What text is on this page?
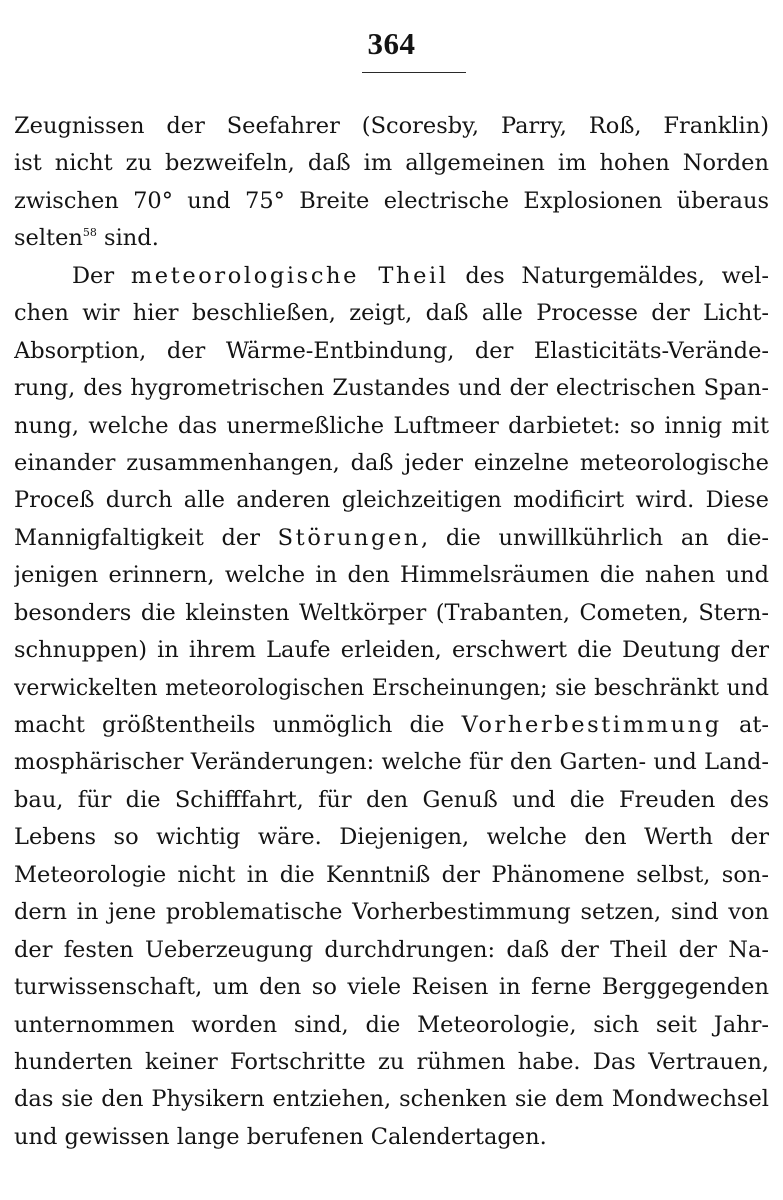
364
Zeugnissen der Seefahrer (Scoresby, Parry, Roß, Franklin)
ist nicht zu bezweifeln, daß im allgemeinen im hohen Norden
zwischen 70° und 75° Breite electrische Explosionen überaus
selten$^{58}$ sind.
Der meteorologische Theil des Naturgemäldes, wel-
chen wir hier beschließen, zeigt, daß alle Processe der Licht-
Absorption, der Wärme-Entbindung, der Elasticitäts-Verände-
rung, des hygrometrischen Zustandes und der electrischen Span-
nung, welche das unermeßliche Luftmeer darbietet: so innig mit
einander zusammenhangen, daß jeder einzelne meteorologische
Proceß durch alle anderen gleichzeitigen modificirt wird. Diese
Mannigfaltigkeit der Störungen, die unwillkührlich an die-
jenigen erinnern, welche in den Himmelsräumen die nahen und
besonders die kleinsten Weltkörper (Trabanten, Cometen, Stern-
schnuppen) in ihrem Laufe erleiden, erschwert die Deutung der
verwickelten meteorologischen Erscheinungen; sie beschränkt und
macht größtentheils unmöglich die Vorherbestimmung at-
mosphärischer Veränderungen: welche für den Garten- und Land-
bau, für die Schifffahrt, für den Genuß und die Freuden des
Lebens so wichtig wäre. Diejenigen, welche den Werth der
Meteorologie nicht in die Kenntniß der Phänomene selbst, son-
dern in jene problematische Vorherbestimmung setzen, sind von
der festen Ueberzeugung durchdrungen: daß der Theil der Na-
turwissenschaft, um den so viele Reisen in ferne Berggegenden
unternommen worden sind, die Meteorologie, sich seit Jahr-
hunderten keiner Fortschritte zu rühmen habe. Das Vertrauen,
das sie den Physikern entziehen, schenken sie dem Mondwechsel
und gewissen lange berufenen Calendertagen.
